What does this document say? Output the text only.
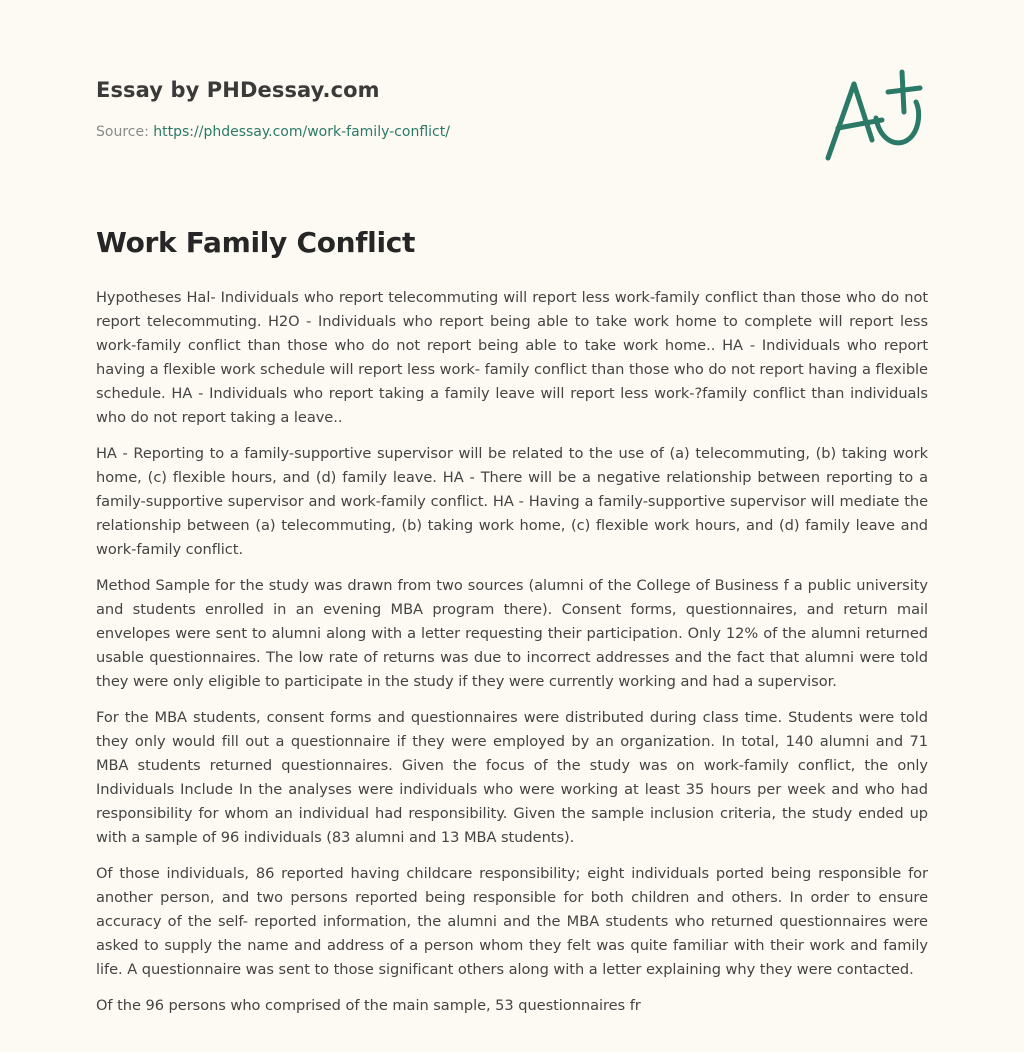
Essay by PHDessay.com
Source: https://phdessay.com/work-family-conflict/
Work Family Conflict

Hypotheses Hal- Individuals who report telecommuting will report less work-family conflict than those who do not report telecommuting. H2O - Individuals who report being able to take work home to complete will report less work-family conflict than those who do not report being able to take work home.. HA - Individuals who report having a flexible work schedule will report less work- family conflict than those who do not report having a flexible schedule. HA - Individuals who report taking a family leave will report less work-?family conflict than individuals who do not report taking a leave..

HA - Reporting to a family-supportive supervisor will be related to the use of (a) telecommuting, (b) taking work home, (c) flexible hours, and (d) family leave. HA - There will be a negative relationship between reporting to a family-supportive supervisor and work-family conflict. HA - Having a family-supportive supervisor will mediate the relationship between (a) telecommuting, (b) taking work home, (c) flexible work hours, and (d) family leave and work-family conflict.

Method Sample for the study was drawn from two sources (alumni of the College of Business f a public university and students enrolled in an evening MBA program there). Consent forms, questionnaires, and return mail envelopes were sent to alumni along with a letter requesting their participation. Only 12% of the alumni returned usable questionnaires. The low rate of returns was due to incorrect addresses and the fact that alumni were told they were only eligible to participate in the study if they were currently working and had a supervisor.

For the MBA students, consent forms and questionnaires were distributed during class time. Students were told they only would fill out a questionnaire if they were employed by an organization. In total, 140 alumni and 71 MBA students returned questionnaires. Given the focus of the study was on work-family conflict, the only Individuals Include In the analyses were individuals who were working at least 35 hours per week and who had responsibility for whom an individual had responsibility. Given the sample inclusion criteria, the study ended up with a sample of 96 individuals (83 alumni and 13 MBA students).

Of those individuals, 86 reported having childcare responsibility; eight individuals ported being responsible for another person, and two persons reported being responsible for both children and others. In order to ensure accuracy of the self- reported information, the alumni and the MBA students who returned questionnaires were asked to supply the name and address of a person whom they felt was quite familiar with their work and family life. A questionnaire was sent to those significant others along with a letter explaining why they were contacted.

Of the 96 persons who comprised of the main sample, 53 questionnaires fr
